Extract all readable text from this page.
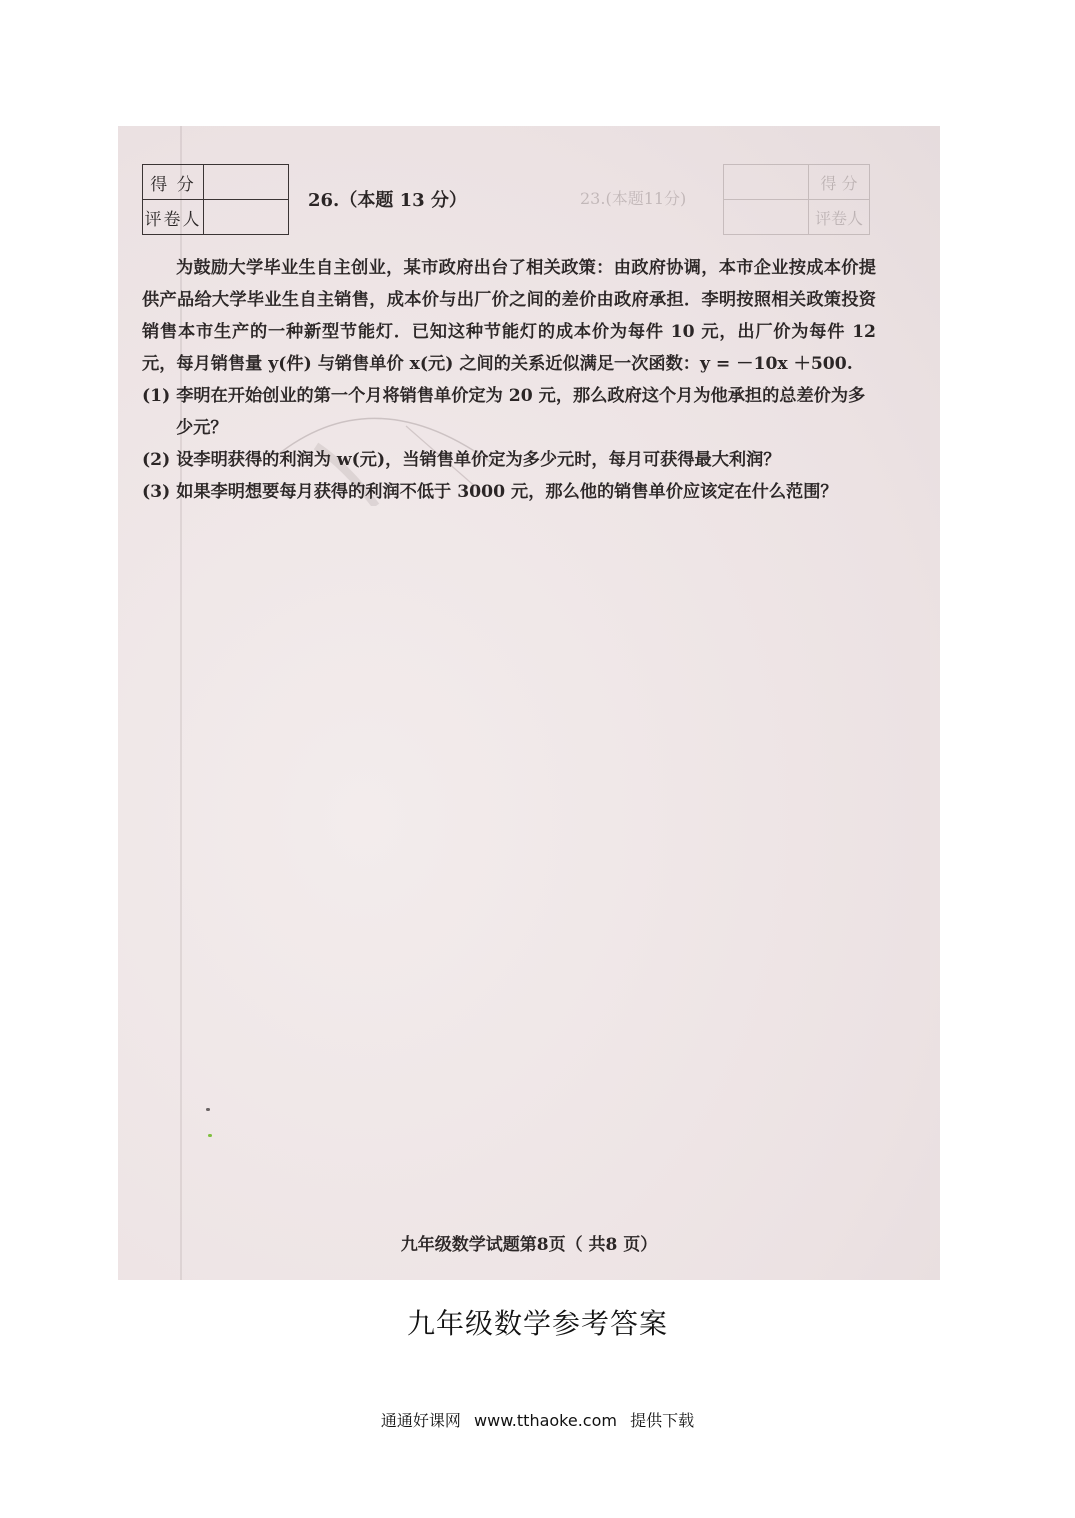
得 分	
评卷人	
26.（本题 13 分）	23.(本题11分)
	得 分
	评卷人

为鼓励大学毕业生自主创业，某市政府出台了相关政策：由政府协调，本市企业按成本价提供产品给大学毕业生自主销售，成本价与出厂价之间的差价由政府承担．李明按照相关政策投资销售本市生产的一种新型节能灯．已知这种节能灯的成本价为每件 10 元，出厂价为每件 12 元，每月销售量 y(件) 与销售单价 x(元) 之间的关系近似满足一次函数：y = －10x ＋500.

(1) 李明在开始创业的第一个月将销售单价定为 20 元，那么政府这个月为他承担的总差价为多少元？

(2) 设李明获得的利润为 w(元)，当销售单价定为多少元时，每月可获得最大利润？

(3) 如果李明想要每月获得的利润不低于 3000 元，那么他的销售单价应该定在什么范围？

九年级数学试题第8页（ 共8 页）
九年级数学参考答案
通通好课网 www.tthaoke.com 提供下载
